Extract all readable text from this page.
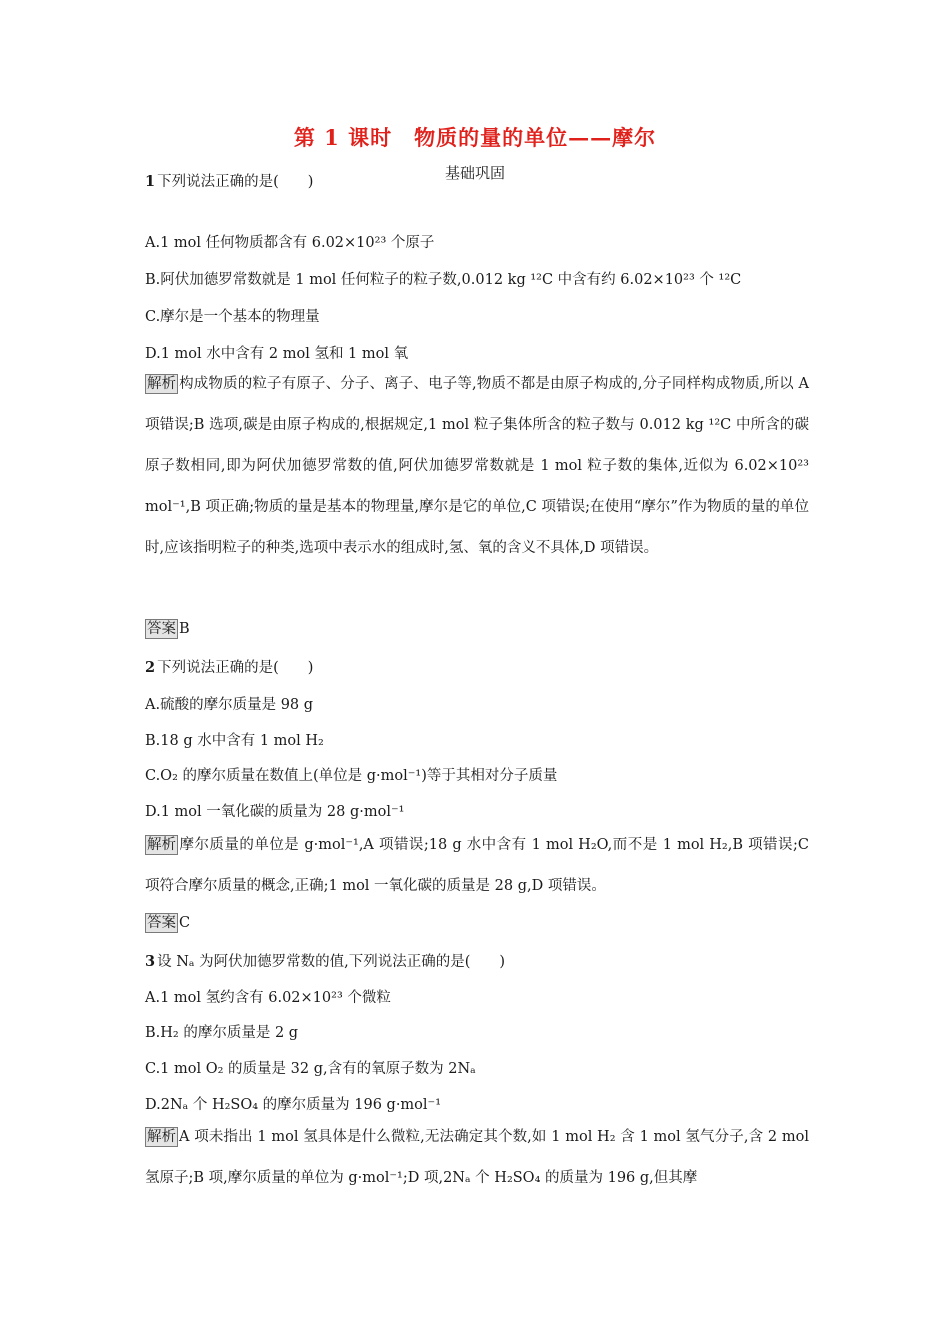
第 1 课时　物质的量的单位——摩尔
基础巩固
1 下列说法正确的是(　　)
A.1 mol 任何物质都含有 6.02×10²³ 个原子
B.阿伏加德罗常数就是 1 mol 任何粒子的粒子数,0.012 kg ¹²C 中含有约 6.02×10²³ 个 ¹²C
C.摩尔是一个基本的物理量
D.1 mol 水中含有 2 mol 氢和 1 mol 氧
解析 构成物质的粒子有原子、分子、离子、电子等,物质不都是由原子构成的,分子同样构成物质,所以 A 项错误;B 选项,碳是由原子构成的,根据规定,1 mol 粒子集体所含的粒子数与 0.012 kg ¹²C 中所含的碳原子数相同,即为阿伏加德罗常数的值,阿伏加德罗常数就是 1 mol 粒子数的集体,近似为 6.02×10²³ mol⁻¹,B 项正确;物质的量是基本的物理量,摩尔是它的单位,C 项错误;在使用“摩尔”作为物质的量的单位时,应该指明粒子的种类,选项中表示水的组成时,氢、氧的含义不具体,D 项错误。
答案 B
2 下列说法正确的是(　　)
A.硫酸的摩尔质量是 98 g
B.18 g 水中含有 1 mol H₂
C.O₂ 的摩尔质量在数值上(单位是 g·mol⁻¹)等于其相对分子质量
D.1 mol 一氧化碳的质量为 28 g·mol⁻¹
解析 摩尔质量的单位是 g·mol⁻¹,A 项错误;18 g 水中含有 1 mol H₂O,而不是 1 mol H₂,B 项错误;C 项符合摩尔质量的概念,正确;1 mol 一氧化碳的质量是 28 g,D 项错误。
答案 C
3 设 Nₐ 为阿伏加德罗常数的值,下列说法正确的是(　　)
A.1 mol 氢约含有 6.02×10²³ 个微粒
B.H₂ 的摩尔质量是 2 g
C.1 mol O₂ 的质量是 32 g,含有的氧原子数为 2Nₐ
D.2Nₐ 个 H₂SO₄ 的摩尔质量为 196 g·mol⁻¹
解析 A 项未指出 1 mol 氢具体是什么微粒,无法确定其个数,如 1 mol H₂ 含 1 mol 氢气分子,含 2 mol 氢原子;B 项,摩尔质量的单位为 g·mol⁻¹;D 项,2Nₐ 个 H₂SO₄ 的质量为 196 g,但其摩
